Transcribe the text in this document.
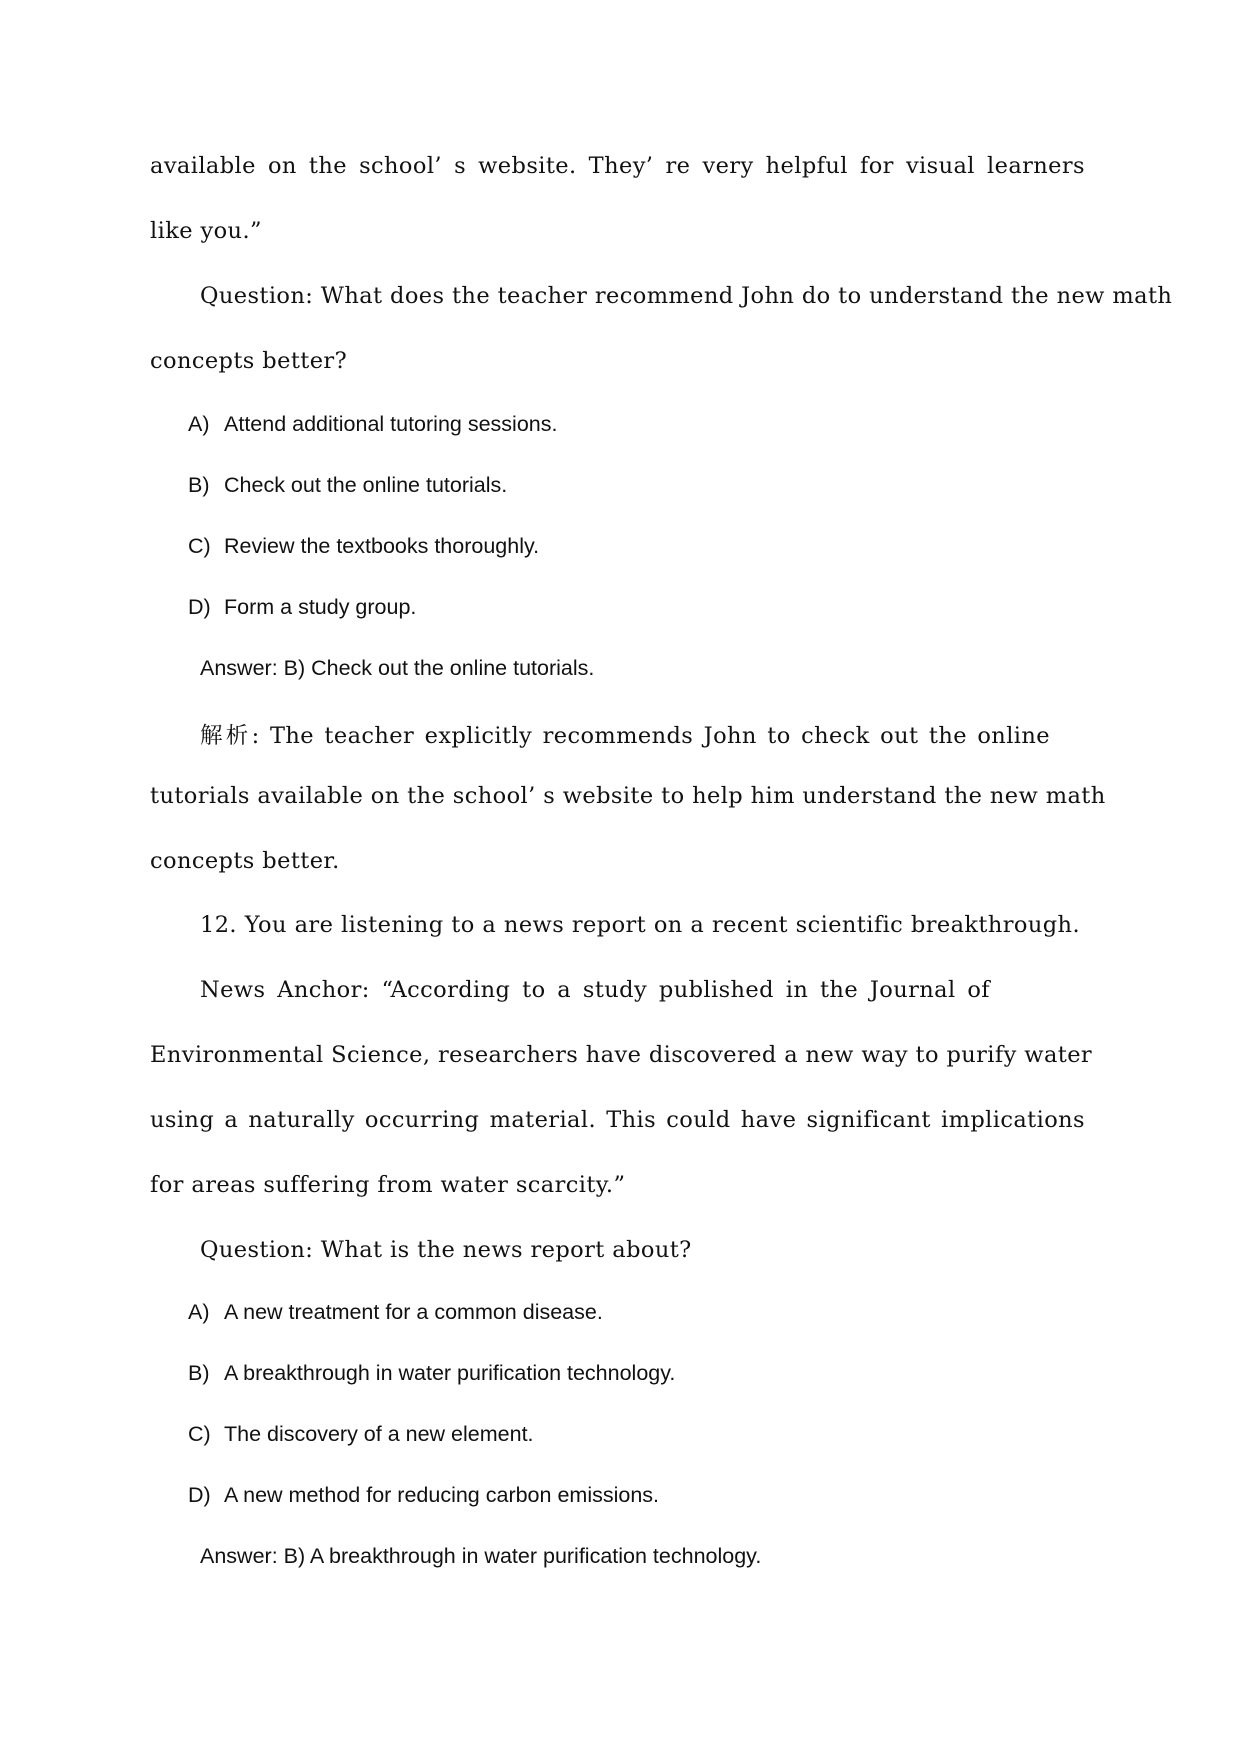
available on the school’ s website. They’ re very helpful for visual learners

like you.”

Question: What does the teacher recommend John do to understand the new math

concepts better?

A) Attend additional tutoring sessions.
B) Check out the online tutorials.
C) Review the textbooks thoroughly.
D) Form a study group.

Answer: B) Check out the online tutorials.

解析: The teacher explicitly recommends John to check out the online

tutorials available on the school’ s website to help him understand the new math

concepts better.

12. You are listening to a news report on a recent scientific breakthrough.

News Anchor: “According to a study published in the Journal of

Environmental Science, researchers have discovered a new way to purify water

using a naturally occurring material. This could have significant implications

for areas suffering from water scarcity.”

Question: What is the news report about?

A) A new treatment for a common disease.
B) A breakthrough in water purification technology.
C) The discovery of a new element.
D) A new method for reducing carbon emissions.

Answer: B) A breakthrough in water purification technology.
